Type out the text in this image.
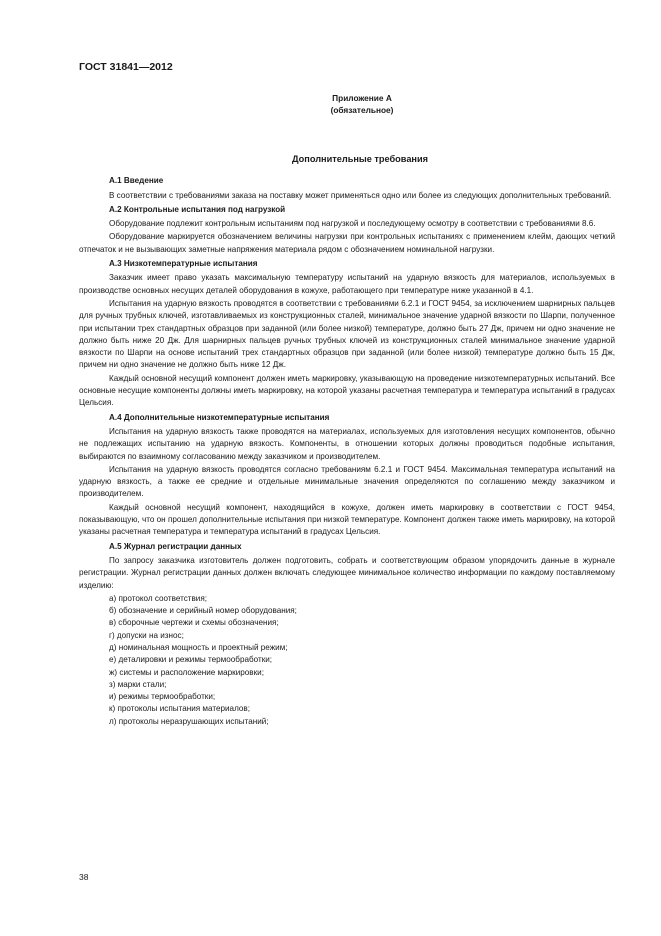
ГОСТ 31841—2012
Приложение А
(обязательное)
Дополнительные требования
А.1 Введение

В соответствии с требованиями заказа на поставку может применяться одно или более из следующих дополнительных требований.

А.2 Контрольные испытания под нагрузкой

Оборудование подлежит контрольным испытаниям под нагрузкой и последующему осмотру в соответствии с требованиями 8.6.

Оборудование маркируется обозначением величины нагрузки при контрольных испытаниях с применением клейм, дающих четкий отпечаток и не вызывающих заметные напряжения материала рядом с обозначением номинальной нагрузки.

А.3 Низкотемпературные испытания

Заказчик имеет право указать максимальную температуру испытаний на ударную вязкость для материалов, используемых в производстве основных несущих деталей оборудования в кожухе, работающего при температуре ниже указанной в 4.1.

Испытания на ударную вязкость проводятся в соответствии с требованиями 6.2.1 и ГОСТ 9454, за исключением шарнирных пальцев для ручных трубных ключей, изготавливаемых из конструкционных сталей, минимальное значение ударной вязкости по Шарпи, полученное при испытании трех стандартных образцов при заданной (или более низкой) температуре, должно быть 27 Дж, причем ни одно значение не должно быть ниже 20 Дж. Для шарнирных пальцев ручных трубных ключей из конструкционных сталей минимальное значение ударной вязкости по Шарпи на основе испытаний трех стандартных образцов при заданной (или более низкой) температуре должно быть 15 Дж, причем ни одно значение не должно быть ниже 12 Дж.

Каждый основной несущий компонент должен иметь маркировку, указывающую на проведение низкотемпературных испытаний. Все основные несущие компоненты должны иметь маркировку, на которой указаны расчетная температура и температура испытаний в градусах Цельсия.

А.4 Дополнительные низкотемпературные испытания

Испытания на ударную вязкость также проводятся на материалах, используемых для изготовления несущих компонентов, обычно не подлежащих испытанию на ударную вязкость. Компоненты, в отношении которых должны проводиться подобные испытания, выбираются по взаимному согласованию между заказчиком и производителем.

Испытания на ударную вязкость проводятся согласно требованиям 6.2.1 и ГОСТ 9454. Максимальная температура испытаний на ударную вязкость, а также ее средние и отдельные минимальные значения определяются по соглашению между заказчиком и производителем.

Каждый основной несущий компонент, находящийся в кожухе, должен иметь маркировку в соответствии с ГОСТ 9454, показывающую, что он прошел дополнительные испытания при низкой температуре. Компонент должен также иметь маркировку, на которой указаны расчетная температура и температура испытаний в градусах Цельсия.

А.5 Журнал регистрации данных

По запросу заказчика изготовитель должен подготовить, собрать и соответствующим образом упорядочить данные в журнале регистрации. Журнал регистрации данных должен включать следующее минимальное количество информации по каждому поставляемому изделию:

а) протокол соответствия;
б) обозначение и серийный номер оборудования;
в) сборочные чертежи и схемы обозначения;
г) допуски на износ;
д) номинальная мощность и проектный режим;
е) деталировки и режимы термообработки;
ж) системы и расположение маркировки;
з) марки стали;
и) режимы термообработки;
к) протоколы испытания материалов;
л) протоколы неразрушающих испытаний;
38
